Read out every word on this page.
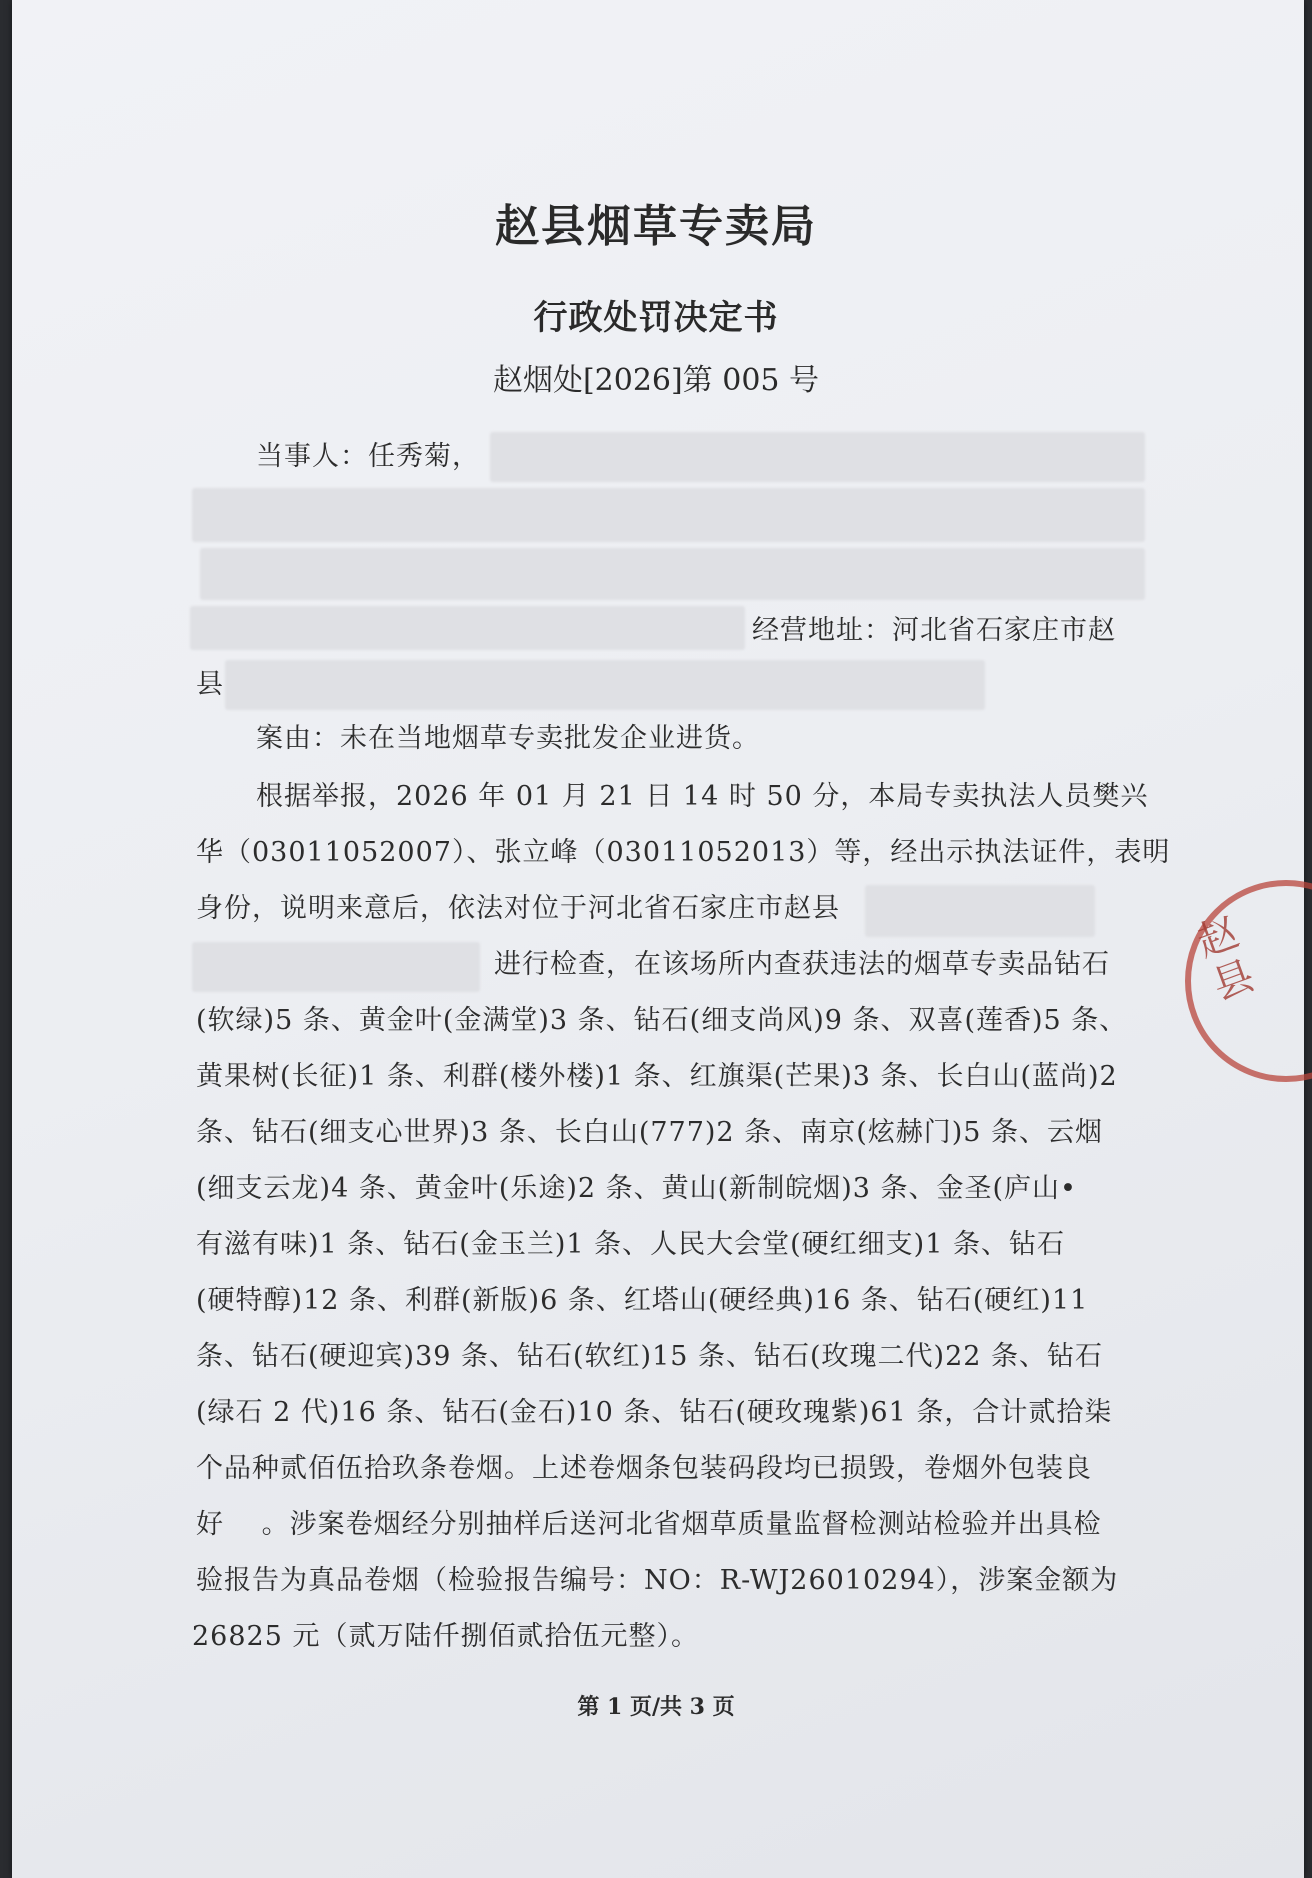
赵县烟草专卖局
行政处罚决定书
赵烟处[2026]第 005 号
当事人：任秀菊，
经营地址：河北省石家庄市赵
县
案由：未在当地烟草专卖批发企业进货。
根据举报，2026 年 01 月 21 日 14 时 50 分，本局专卖执法人员樊兴
华（03011052007）、张立峰（03011052013）等，经出示执法证件，表明
身份，说明来意后，依法对位于河北省石家庄市赵县
进行检查，在该场所内查获违法的烟草专卖品钻石
(软绿)5 条、黄金叶(金满堂)3 条、钻石(细支尚风)9 条、双喜(莲香)5 条、
黄果树(长征)1 条、利群(楼外楼)1 条、红旗渠(芒果)3 条、长白山(蓝尚)2
条、钻石(细支心世界)3 条、长白山(777)2 条、南京(炫赫门)5 条、云烟
(细支云龙)4 条、黄金叶(乐途)2 条、黄山(新制皖烟)3 条、金圣(庐山•
有滋有味)1 条、钻石(金玉兰)1 条、人民大会堂(硬红细支)1 条、钻石
(硬特醇)12 条、利群(新版)6 条、红塔山(硬经典)16 条、钻石(硬红)11
条、钻石(硬迎宾)39 条、钻石(软红)15 条、钻石(玫瑰二代)22 条、钻石
(绿石 2 代)16 条、钻石(金石)10 条、钻石(硬玫瑰紫)61 条，合计贰拾柒
个品种贰佰伍拾玖条卷烟。上述卷烟条包装码段均已损毁，卷烟外包装良
好 　。涉案卷烟经分别抽样后送河北省烟草质量监督检测站检验并出具检
验报告为真品卷烟（检验报告编号：NO：R-WJ26010294），涉案金额为
26825 元（贰万陆仟捌佰贰拾伍元整）。
赵县
第 1 页/共 3 页
